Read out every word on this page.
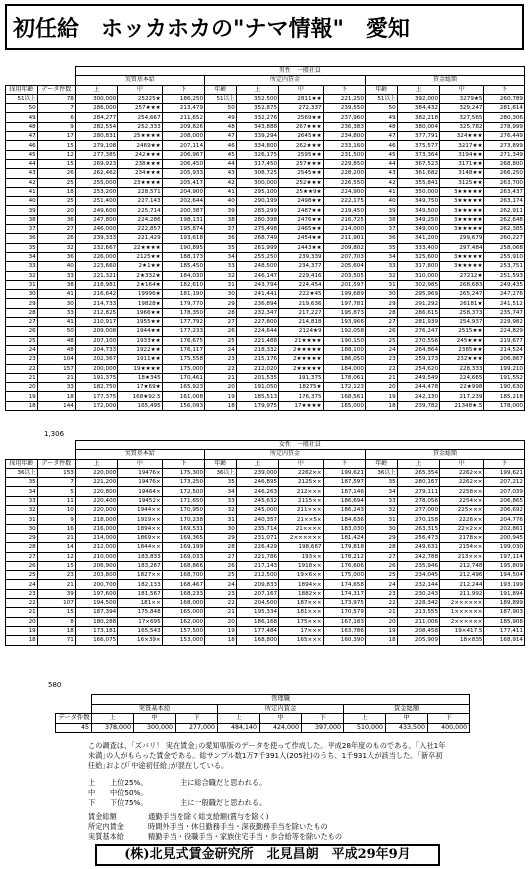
初任給　ホッカホカの"ナマ情報"　愛知
		男性　一般社員										
		実質基本給			所定内賃金				賃金総額			
採用年齢	データ件数	上	中	下	年齢	上	中	下	年齢	上	中	下
51以上	78	300,000	25225★	186,250	51以上	352,500	2811★★	221,250	51以上	392,000	3279★5	260,789
50	7	286,000	257★★★	213,479	50	352,875	272,337	239,550	50	384,432	329,247	281,614
49	6	284,277	254,667	211,652	49	332,276	2569★★	237,960	49	382,218	327,565	280,306
48	9	282,554	252,333	209,826	48	343,888	267★★★	236,383	48	380,004	325,782	278,999
47	17	280,831	25★★★★	208,000	47	339,294	2645★★	234,800	47	377,791	324★★★	276,449
46	15	279,108	2469★★	207,114	46	334,800	262★★★	233,160	46	375,577	3217★★	273,899
45	12	277,385	242★★★	206,967	45	326,175	2595★★	231,500	45	373,364	3194★★	271,349
44	15	269,923	238★★★	206,450	44	317,450	257★★★	229,850	44	367,523	3171★★	268,800
43	26	262,462	234★★★	205,933	43	308,725	2545★★	228,200	43	361,682	3148★★	266,250
42	25	255,000	23★★★★	205,417	42	300,000	252★★★	226,550	42	355,841	3125★★	263,700
41	18	253,200	228,571	204,900	41	295,100	25★★9★	224,900	41	350,000	3★★★★★	263,437
40	25	251,400	227,143	202,644	40	290,199	2498★★	222,175	40	349,750	3★★★★★	263,174
39	20	249,600	225,714	200,387	39	285,299	2487★★	219,450	39	349,500	3★★★★★	262,911
38	36	247,800	224,286	198,131	38	280,398	2476★★	216,725	38	349,250	3★★★★★	262,648
37	27	246,000	222,857	195,874	37	275,498	2465★★	214,000	37	349,000	3★★★★★	262,385
36	26	239,333	221,429	193,618	36	268,749	2454★★	211,901	36	341,200	299,679	260,227
35	32	232,667	22★★★★	190,895	35	261,999	2443★★	209,802	35	333,400	297,484	258,068
34	36	226,000	2125★★	188,173	34	255,250	239,339	207,703	34	325,600	3★★★★★	255,910
33	40	223,660	2★1★★	185,450	33	248,500	234,377	205,604	33	317,800	3★★★★★	253,751
32	33	221,321	2★332★	184,030	32	246,147	229,416	203,505	32	310,000	27212★	251,593
31	38	218,981	2★164★	182,610	31	243,794	224,454	201,597	31	302,985	268,683	249,435
30	41	216,642	19996★	181,190	30	241,441	222★45	199,689	30	295,969	265,247	247,276
29	30	214,733	19828★	179,770	29	236,894	219,636	197,781	29	291,292	26181★	241,512
28	33	212,825	1966★★	178,350	28	232,347	217,227	195,873	28	286,615	258,373	235,747
27	41	210,917	1955★★	177,792	27	227,800	214,818	193,966	27	281,939	254,937	229,982
26	50	209,008	1944★★	177,233	26	224,644	2124★9	192,058	26	276,247	2515★★	224,829
25	48	207,100	1933★★	176,675	25	221,488	21★★★★	190,150	25	270,556	245★★★	219,677
24	48	204,733	1922★★	176,117	24	218,332	2★★★★★	188,100	24	264,864	2385★★	214,524
23	104	202,367	1911★★	175,558	23	215,176	2★★★★★	186,050	23	259,173	232★★★	206,867
22	157	200,000	19★★★★	175,000	22	212,020	2★★★★★	184,000	22	254,620	228,333	199,210
21	21	191,375	18★345	170,461	21	201,535	191,375	178,061	21	249,549	224,665	191,552
20	33	182,750	17★69★	165,923	20	191,050	18275★	172,123	20	244,478	22★998	190,630
19	18	177,375	168★92.5	161,008	19	185,513	176,375	168,561	19	242,130	217,239	185,218
18	144	172,000	165,495	156,093	18	179,975	17★★★★	165,000	18	239,782	21348★.5	178,000
1,306
		女性　一般社員										
		実質基本給			所定内賃金				賃金総額			
採用年齢	データ件数	上	中	下	年齢	上	中	下	年齢	上	中	下
36以上	153	220,000	19476×	175,300	36以上	239,000	2262××	199,621	36以上	265,354	2262××	199,621
35	7	221,200	19476×	173,250	35	246,895	2125××	187,597	35	280,167	2262××	207,212
34	5	220,800	19464×	172,500	34	246,263	212×××	187,146	34	279,111	2258××	207,039
33	11	220,400	19452×	171,650	33	245,632	2115××	186,694	33	278,056	2254××	206,865
32	10	220,000	1944××	170,950	32	245,000	211×××	186,243	32	277,000	225×××	206,692
31	9	218,000	1919××	170,238	31	240,357	21××5×	184,636	31	270,158	2226××	204,776
30	16	216,000	1894××	169,531	30	235,714	21××××	183,030	30	263,315	22×2××	202,861
29	21	214,000	1869××	169,365	29	231,071	2××××××	181,424	29	256,473	2178××	200,945
28	14	212,000	1844××	169,199	28	226,429	198,667	179,818	28	249,631	2154××	199,030
27	12	210,000	183,833	169,033	27	221,786	193××	178,212	27	242,788	213×××	197,114
26	15	206,900	183,267	168,866	26	217,143	1918××	176,606	26	235,946	212,748	195,809
25	23	203,800	1827××	168,700	25	212,500	19×6××	175,000	25	234,045	212,496	194,504
24	21	200,700	182,133	168,467	24	209,833	1894××	174,658	24	232,144	212,244	193,199
23	39	197,600	181,567	168,233	23	207,167	1882××	174,317	23	230,243	211,992	191,894
22	107	194,500	181××	168,000	22	204,500	187×××	173,975	22	228,342	2××××××	189,899
21	15	187,394	175,848	165,000	21	195,334	181×××	170,579	21	213,555	1××××××	187,903
20	8	180,288	17×695	162,000	20	186,168	175×××	167,183	20	211,006	2××××××	185,908
19	18	173,181	165,543	157,500	19	177,484	17×××	163,786	19	208,458	19×417.5	177,411
18	71	166,075	16×39×	153,000	18	168,800	165×××	160,390	18	205,909	18×835	168,914
580
	管理職								
	実質基本給			所定内賃金			賃金総額		
データ件数	上	中	下	上	中	下	上	中	下
45	378,000	300,000	277,000	484,140	424,000	397,000	510,000	433,500	400,000
この調査は、｢ズバリ！ 実在賃金｣の愛知県版のデータを使って作成した。平成28年度のものである。｢入社1年未満｣の人がもらった賃金である。総サンプル数1万7千391人(205社)のうち、1千931人が該当した。｢新卒初任給｣および｢中途初任給｣が混在している。
上 上位25%。	主に総合職だと思われる。
中 中位50%。
下 下位75%。	主に一般職だと思われる。
賃金総額	通勤手当を除く総支給額(賞与を除く)
所定内賃金	時間外手当・休日勤務手当・深夜勤務手当を除いたもの
実質基本給	精勤手当・役職手当・家族住宅手当・歩合給等を除いたもの
(株)北見式賃金研究所　北見昌朗　平成29年9月
